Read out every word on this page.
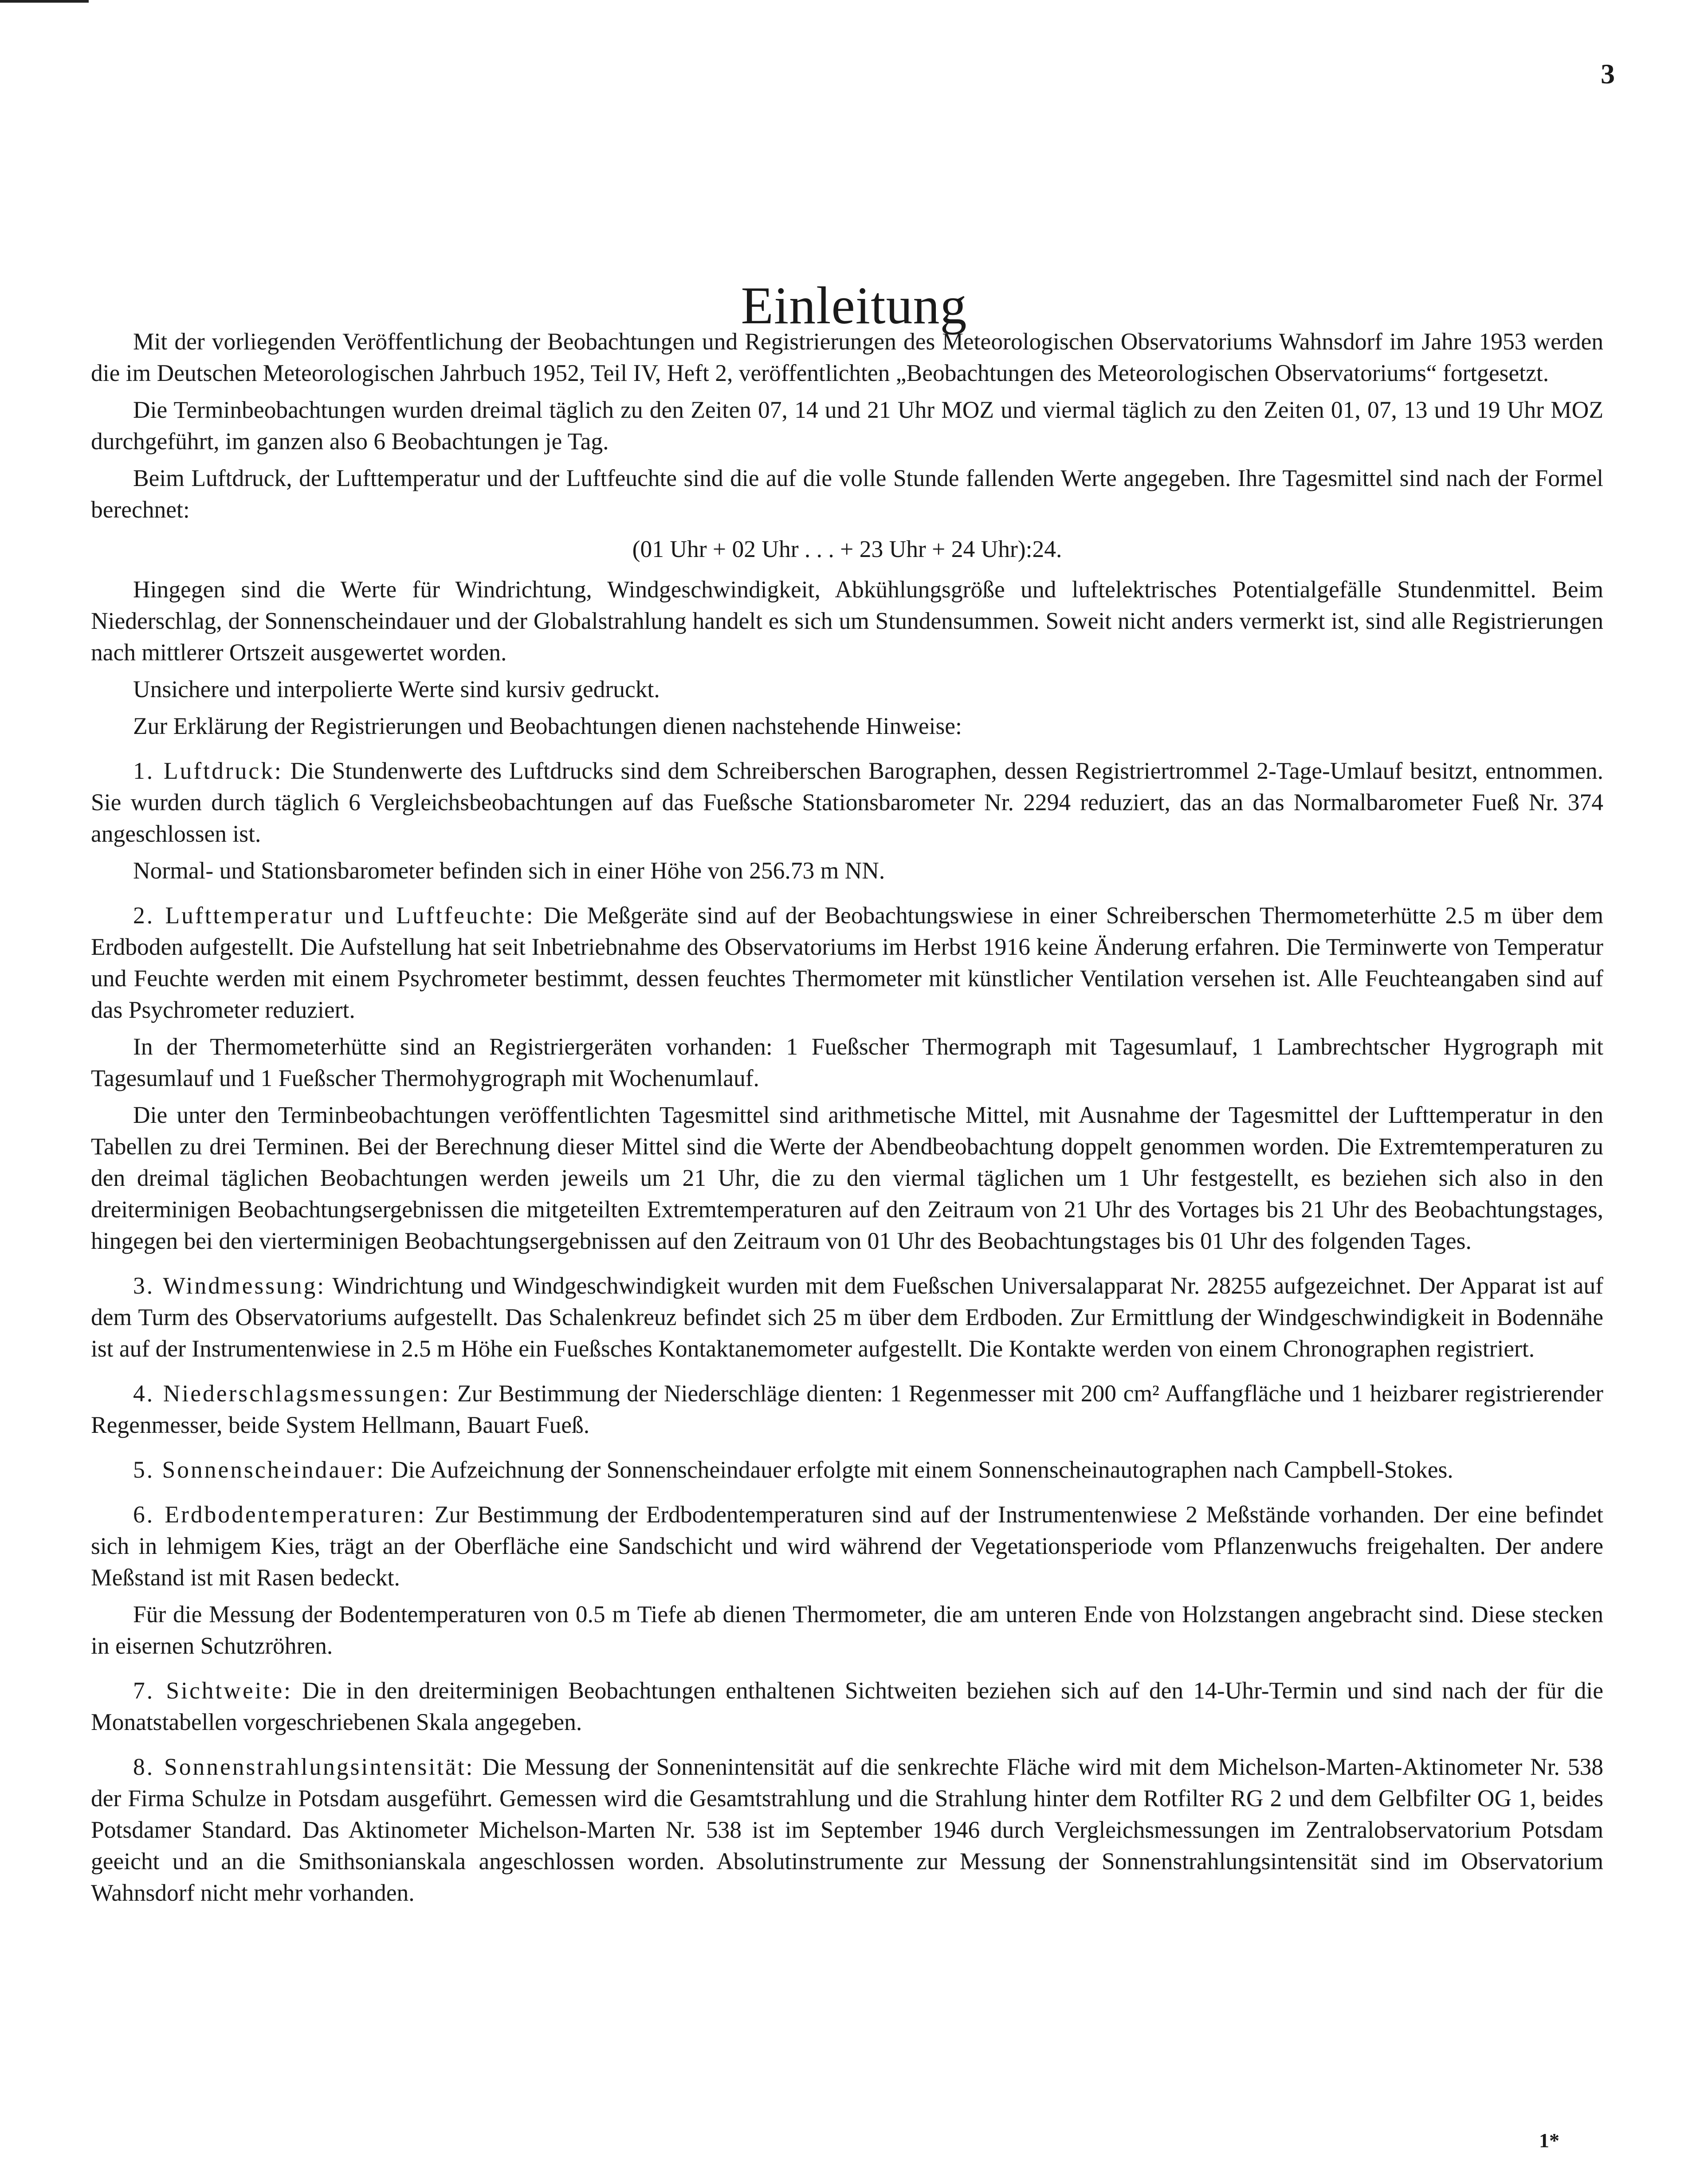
3
Einleitung

Mit der vorliegenden Veröffentlichung der Beobachtungen und Registrierungen des Meteorologischen Observatoriums Wahnsdorf im Jahre 1953 werden die im Deutschen Meteorologischen Jahrbuch 1952, Teil IV, Heft 2, veröffentlichten „Beobachtungen des Meteorologischen Observatoriums“ fortgesetzt.

Die Terminbeobachtungen wurden dreimal täglich zu den Zeiten 07, 14 und 21 Uhr MOZ und viermal täglich zu den Zeiten 01, 07, 13 und 19 Uhr MOZ durchgeführt, im ganzen also 6 Beobachtungen je Tag.

Beim Luftdruck, der Lufttemperatur und der Luftfeuchte sind die auf die volle Stunde fallenden Werte angegeben. Ihre Tagesmittel sind nach der Formel berechnet:

(01 Uhr + 02 Uhr . . . + 23 Uhr + 24 Uhr):24.

Hingegen sind die Werte für Windrichtung, Windgeschwindigkeit, Abkühlungsgröße und luftelektrisches Potentialgefälle Stundenmittel. Beim Niederschlag, der Sonnenscheindauer und der Globalstrahlung handelt es sich um Stundensummen. Soweit nicht anders vermerkt ist, sind alle Registrierungen nach mittlerer Ortszeit ausgewertet worden.

Unsichere und interpolierte Werte sind kursiv gedruckt.

Zur Erklärung der Registrierungen und Beobachtungen dienen nachstehende Hinweise:

1. Luftdruck: Die Stundenwerte des Luftdrucks sind dem Schreiberschen Barographen, dessen Registriertrommel 2-Tage-Umlauf besitzt, entnommen. Sie wurden durch täglich 6 Vergleichsbeobachtungen auf das Fueßsche Stationsbarometer Nr. 2294 reduziert, das an das Normalbarometer Fueß Nr. 374 angeschlossen ist.

Normal- und Stationsbarometer befinden sich in einer Höhe von 256.73 m NN.

2. Lufttemperatur und Luftfeuchte: Die Meßgeräte sind auf der Beobachtungswiese in einer Schreiberschen Thermometerhütte 2.5 m über dem Erdboden aufgestellt. Die Aufstellung hat seit Inbetriebnahme des Observatoriums im Herbst 1916 keine Änderung erfahren. Die Terminwerte von Temperatur und Feuchte werden mit einem Psychrometer bestimmt, dessen feuchtes Thermometer mit künstlicher Ventilation versehen ist. Alle Feuchteangaben sind auf das Psychrometer reduziert.

In der Thermometerhütte sind an Registriergeräten vorhanden: 1 Fueßscher Thermograph mit Tagesumlauf, 1 Lambrechtscher Hygrograph mit Tagesumlauf und 1 Fueßscher Thermohygrograph mit Wochenumlauf.

Die unter den Terminbeobachtungen veröffentlichten Tagesmittel sind arithmetische Mittel, mit Ausnahme der Tagesmittel der Lufttemperatur in den Tabellen zu drei Terminen. Bei der Berechnung dieser Mittel sind die Werte der Abendbeobachtung doppelt genommen worden. Die Extremtemperaturen zu den dreimal täglichen Beobachtungen werden jeweils um 21 Uhr, die zu den viermal täglichen um 1 Uhr festgestellt, es beziehen sich also in den dreiterminigen Beobachtungsergebnissen die mitgeteilten Extremtemperaturen auf den Zeitraum von 21 Uhr des Vortages bis 21 Uhr des Beobachtungstages, hingegen bei den vierterminigen Beobachtungsergebnissen auf den Zeitraum von 01 Uhr des Beobachtungstages bis 01 Uhr des folgenden Tages.

3. Windmessung: Windrichtung und Windgeschwindigkeit wurden mit dem Fueßschen Universalapparat Nr. 28255 aufgezeichnet. Der Apparat ist auf dem Turm des Observatoriums aufgestellt. Das Schalenkreuz befindet sich 25 m über dem Erdboden. Zur Ermittlung der Windgeschwindigkeit in Bodennähe ist auf der Instrumentenwiese in 2.5 m Höhe ein Fueßsches Kontaktanemometer aufgestellt. Die Kontakte werden von einem Chronographen registriert.

4. Niederschlagsmessungen: Zur Bestimmung der Niederschläge dienten: 1 Regenmesser mit 200 cm² Auffangfläche und 1 heizbarer registrierender Regenmesser, beide System Hellmann, Bauart Fueß.

5. Sonnenscheindauer: Die Aufzeichnung der Sonnenscheindauer erfolgte mit einem Sonnenscheinautographen nach Campbell-Stokes.

6. Erdbodentemperaturen: Zur Bestimmung der Erdbodentemperaturen sind auf der Instrumentenwiese 2 Meßstände vorhanden. Der eine befindet sich in lehmigem Kies, trägt an der Oberfläche eine Sandschicht und wird während der Vegetationsperiode vom Pflanzenwuchs freigehalten. Der andere Meßstand ist mit Rasen bedeckt.

Für die Messung der Bodentemperaturen von 0.5 m Tiefe ab dienen Thermometer, die am unteren Ende von Holzstangen angebracht sind. Diese stecken in eisernen Schutzröhren.

7. Sichtweite: Die in den dreiterminigen Beobachtungen enthaltenen Sichtweiten beziehen sich auf den 14-Uhr-Termin und sind nach der für die Monatstabellen vorgeschriebenen Skala angegeben.

8. Sonnenstrahlungsintensität: Die Messung der Sonnenintensität auf die senkrechte Fläche wird mit dem Michelson-Marten-Aktinometer Nr. 538 der Firma Schulze in Potsdam ausgeführt. Gemessen wird die Gesamtstrahlung und die Strahlung hinter dem Rotfilter RG 2 und dem Gelbfilter OG 1, beides Potsdamer Standard. Das Aktinometer Michelson-Marten Nr. 538 ist im September 1946 durch Vergleichsmessungen im Zentralobservatorium Potsdam geeicht und an die Smithsonianskala angeschlossen worden. Absolutinstrumente zur Messung der Sonnenstrahlungsintensität sind im Observatorium Wahnsdorf nicht mehr vorhanden.

1*
